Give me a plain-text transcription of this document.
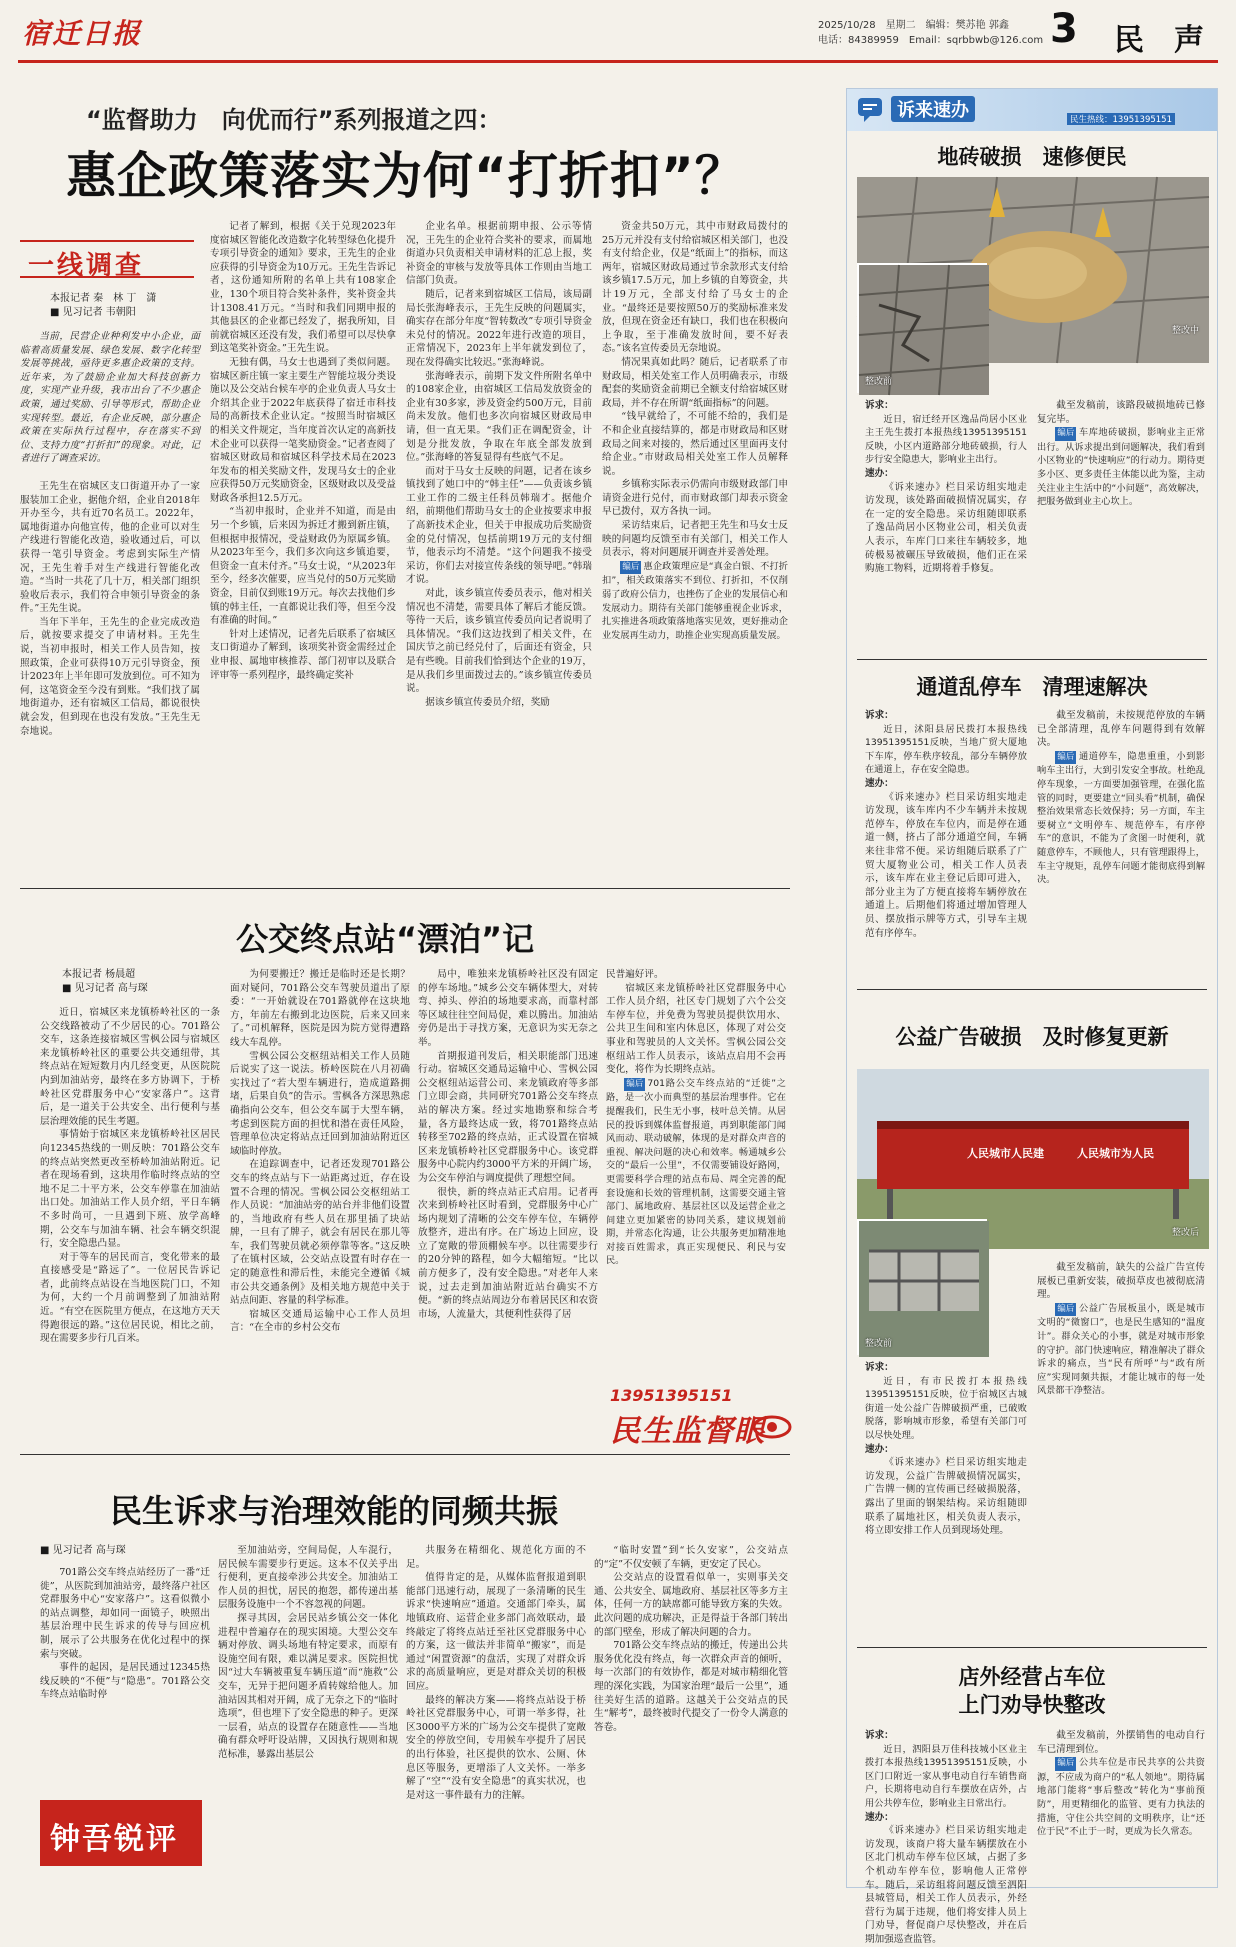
宿迁日报	2025/10/28　星期二　编辑：樊苏艳 郭鑫
电话：84389959　Email：sqrbbwb@126.com 3 民　声
“监督助力　向优而行”系列报道之四：
惠企政策落实为何“打折扣”？
一线调查
本报记者 秦　林 丁　潇
■ 见习记者 韦朝阳

当前，民营企业种利发中小企业，面临着高质量发展、绿色发展、数字化转型发展等挑战，亟待更多惠企政策的支持。近年来，为了鼓励企业加大科技创新力度，实现产业升级，我市出台了不少惠企政策，通过奖励、引导等形式，帮助企业实现转型。最近，有企业反映，部分惠企政策在实际执行过程中，存在落实不到位、支持力度“打折扣”的现象。对此，记者进行了调查采访。

王先生在宿城区支口街道开办了一家服装加工企业，据他介绍，企业自2018年开办至今，共有近70名员工。2022年，属地街道办向他宣传，他的企业可以对生产线进行智能化改造，验收通过后，可以获得一笔引导资金。考虑到实际生产情况，王先生着手对生产线进行智能化改造。“当时一共花了几十万，相关部门组织验收后表示，我们符合申领引导资金的条件。”王先生说。

当年下半年，王先生的企业完成改造后，就按要求提交了申请材料。王先生说，当初申报时，相关工作人员告知，按照政策，企业可获得10万元引导资金，预计2023年上半年即可发放到位。可不知为何，这笔资金至今没有到账。“我们找了属地街道办，还有宿城区工信局，都说很快就会发，但到现在也没有发放。”王先生无奈地说。

记者了解到，根据《关于兑现2023年度宿城区智能化改造数字化转型绿色化提升专项引导资金的通知》要求，王先生的企业应获得的引导资金为10万元。王先生告诉记者，这份通知所附的名单上共有108家企业，130个项目符合奖补条件，奖补资金共计1308.41万元。“当时和我们同期申报的其他县区的企业都已经发了，据我所知，目前就宿城区还没有发，我们希望可以尽快拿到这笔奖补资金。”王先生说。

无独有偶，马女士也遇到了类似问题。宿城区新庄镇一家主要生产智能垃圾分类设施以及公交站台候车亭的企业负责人马女士介绍其企业于2022年底获得了宿迁市科技局的高新技术企业认定。“按照当时宿城区的相关文件规定，当年度首次认定的高新技术企业可以获得一笔奖励资金。”记者查阅了宿城区财政局和宿城区科学技术局在2023年发布的相关奖励文件，发现马女士的企业应获得50万元奖励资金，区级财政以及受益财政各承担12.5万元。

“当初申报时，企业并不知道，而是由另一个乡镇，后来因为拆迁才搬到新庄镇，但根据申报情况，受益财政仍为原属乡镇。从2023年至今，我们多次向这乡镇追要，但资金一直未付齐。”马女士说，“从2023年至今，经多次催要，应当兑付的50万元奖励资金，目前仅到账19万元。每次去找他们乡镇的韩主任，一直都说让我们等，但至今没有准确的时间。”

针对上述情况，记者先后联系了宿城区支口街道办了解到，该项奖补资金需经过企业申报、属地审核推荐、部门初审以及联合评审等一系列程序，最终确定奖补

企业名单。根据前期申报、公示等情况，王先生的企业符合奖补的要求，而属地街道办只负责相关申请材料的汇总上报，奖补资金的审核与发放等具体工作则由当地工信部门负责。

随后，记者来到宿城区工信局，该局副局长张海峰表示，王先生反映的问题属实，确实存在部分年度“智转数改”专项引导资金未兑付的情况。2022年进行改造的项目，正常情况下，2023年上半年就发到位了，现在发得确实比较迟。”张海峰说。

张海峰表示，前期下发文件所附名单中的108家企业，由宿城区工信局发放资金的企业有30多家，涉及资金约500万元，目前尚未发放。他们也多次向宿城区财政局申请，但一直无果。“我们正在调配资金，计划是分批发放，争取在年底全部发放到位。”张海峰的答复显得有些底气不足。

而对于马女士反映的问题，记者在该乡镇找到了她口中的“韩主任”——负责该乡镇工业工作的二级主任科员韩瑞才。据他介绍，前期他们帮助马女士的企业按要求申报了高新技术企业，但关于申报成功后奖励资金的兑付情况，包括前期19万元的支付细节，他表示均不清楚。“这个问题我不接受采访，你们去对接宣传条线的领导吧。”韩瑞才说。

对此，该乡镇宣传委员表示，他对相关情况也不清楚，需要具体了解后才能反馈。等待一天后，该乡镇宣传委员向记者说明了具体情况。“我们这边找到了相关文件，在国庆节之前已经兑付了，后面还有资金，只是有些晚。目前我们恰到达个企业的19万，是从我们乡里面拨过去的。”该乡镇宣传委员说。

据该乡镇宣传委员介绍，奖励

资金共50万元，其中市财政局拨付的25万元并没有支付给宿城区相关部门，也没有支付给企业，仅是“纸面上”的指标，而这两年，宿城区财政局通过节余款形式支付给该乡镇17.5万元，加上乡镇的自筹资金，共计19万元，全部支付给了马女士的企业。“最终还是要按照50万的奖励标准来发放，但现在资金还有缺口，我们也在积极向上争取，至于准确发放时间，要不好表态。”该名宣传委员无奈地说。

情况果真如此吗？随后，记者联系了市财政局，相关处室工作人员明确表示，市级配套的奖励资金前期已全额支付给宿城区财政局，并不存在所谓“纸面指标”的问题。

“钱早就给了，不可能不给的，我们是不和企业直接结算的，都是市财政局和区财政局之间来对接的，然后通过区里面再支付给企业。”市财政局相关处室工作人员解释说。

乡镇称实际表示仍需向市级财政部门申请资金进行兑付，而市财政部门却表示资金早已拨付，双方各执一词。

采访结束后，记者把王先生和马女士反映的问题均反馈至市有关部门，相关工作人员表示，将对问题展开调查并妥善处理。

编后 惠企政策理应是“真金白银、不打折扣”，相关政策落实不到位、打折扣，不仅削弱了政府公信力，也挫伤了企业的发展信心和发展动力。期待有关部门能够重视企业诉求，扎实推进各项政策落地落实见效，更好推动企业发展再生动力，助推企业实现高质量发展。

公交终点站“漂泊”记
本报记者 杨晨超
■ 见习记者 高与琛

近日，宿城区来龙镇桥岭社区的一条公交线路被动了不少居民的心。701路公交车，这条连接宿城区雪枫公园与宿城区来龙镇桥岭社区的重要公共交通纽带，其终点站在短短数月内几经变更，从医院院内到加油站旁，最终在多方协调下，于桥岭社区党群服务中心“安家落户”。这背后，是一道关于公共安全、出行便利与基层治理效能的民生考题。

事情始于宿城区来龙镇桥岭社区居民向12345热线的一则反映：701路公交车的终点站突然更改至桥岭加油站附近。记者在现场看到，这块用作临时终点站的空地不足二十平方米，公交车停靠在加油站出口处。加油站工作人员介绍，平日车辆不多时尚可，一旦遇到下班、放学高峰期，公交车与加油车辆、社会车辆交织混行，安全隐患凸显。

对于等车的居民而言，变化带来的最直接感受是“路远了”。一位居民告诉记者，此前终点站设在当地医院门口，不知为何，大约一个月前调整到了加油站附近。“有空在医院里方便点，在这地方天天得跑很远的路。”这位居民说，相比之前，现在需要多步行几百米。

为何要搬迁？搬迁是临时还是长期？面对疑问，701路公交车驾驶员道出了原委：“一开始就设在701路就停在这块地方，年前左右搬到北边医院，后来又回来了。”司机解释，医院是因为院方觉得遭路线大车乱停。

雪枫公园公交枢纽站相关工作人员随后说实了这一说法。桥岭医院在八月初确实找过了“若大型车辆进行，造成道路拥堵，后果自负”的告示。雪枫各方深思熟虑确指向公交车，但公交车属于大型车辆，考虑到医院方面的担忧和潜在责任风险，管理单位决定将站点迁回到加油站附近区域临时停放。

在追踪调查中，记者还发现701路公交车的终点站与下一站距离过近，存在设置不合理的情况。雪枫公园公交枢纽站工作人员说：“加油站旁的站台并非他们设置的，当地政府有些人员在那里插了块站牌，一旦有了牌子，就会有居民在那儿等车，我们驾驶员就必须停靠等客。”这反映了在镇村区域，公交站点设置有时存在一定的随意性和滞后性，未能完全遵循《城市公共交通条例》及相关地方规范中关于站点间距、容量的科学标准。

宿城区交通局运输中心工作人员坦言：“在全市的乡村公交布

局中，唯独来龙镇桥岭社区没有固定的停车场地。”城乡公交车辆体型大，对转弯、掉头、停泊的场地要求高，而靠村部等区域往往空间局促，难以腾出。加油站旁仍是出于寻找方案，无意识为实无奈之举。

首期报道刊发后，相关职能部门迅速行动。宿城区交通局运输中心、雪枫公园公交枢纽站运营公司、来龙镇政府等多部门立即会商，共同研究701路公交车终点站的解决方案。经过实地勘察和综合考量，各方最终达成一致，将701路终点站转移至702路的终点站，正式设置在宿城区来龙镇桥岭社区党群服务中心。该党群服务中心院内约3000平方米的开阔广场，为公交车停泊与调度提供了理想空间。

很快，新的终点站正式启用。记者再次来到桥岭社区时看到，党群服务中心广场内规划了清晰的公交车停车位，车辆停放整齐，进出有序。在广场边上回应，设立了宽敞的带顶棚候车亭。以往需要步行的20分钟的路程，如今大幅缩短。“比以前方便多了，没有安全隐患。”对老年人来说，过去走到加油站附近站台确实不方便。“新的终点站周边分布着居民区和农资市场，人流量大，其便利性获得了居

民普遍好评。

宿城区来龙镇桥岭社区党群服务中心工作人员介绍，社区专门规划了六个公交车停车位，并免费为驾驶员提供饮用水、公共卫生间和室内休息区，体现了对公交事业和驾驶员的人文关怀。雪枫公园公交枢纽站工作人员表示，该站点启用不会再变化，将作为长期终点站。

编后 701路公交车终点站的“迁徙”之路，是一次小而典型的基层治理事件。它在提醒我们，民生无小事，枝叶总关情。从居民的投诉到媒体监督报道，再到职能部门闻风而动、联动破解，体现的是对群众声音的重视、解决问题的决心和效率。畅通城乡公交的“最后一公里”，不仅需要铺设好路网，更需要科学合理的站点布局、周全完善的配套设施和长效的管理机制，这需要交通主管部门、属地政府、基层社区以及运营企业之间建立更加紧密的协同关系，建议规划前期，并常态化沟通，让公共服务更加精准地对接百姓需求，真正实现便民、利民与安民。

13951395151
民生监督眼
民生诉求与治理效能的同频共振
■ 见习记者 高与琛

701路公交车终点站经历了一番“迁徙”，从医院到加油站旁，最终落户社区党群服务中心“安家落户”。这看似微小的站点调整，却如同一面镜子，映照出基层治理中民生诉求的传导与回应机制，展示了公共服务在优化过程中的探索与突破。

事件的起因，是居民通过12345热线反映的“不便”与“隐患”。701路公交车终点站临时停

钟吾锐评

至加油站旁，空间局促，人车混行，居民候车需要步行更远。这本不仅关乎出行便利，更直接牵涉公共安全。加油站工作人员的担忧，居民的抱怨，都传递出基层服务设施中一个不容忽视的问题。

探寻其因，会居民站乡镇公交一体化进程中普遍存在的现实困境。大型公交车辆对停放、调头场地有特定要求，而原有设施空间有限，难以满足要求。医院担忧因“过大车辆被重复车辆压道”而“施救”公交车，无异于把问题矛盾转嫁给他人。加油站因其相对开阔，成了无奈之下的“临时选项”，但也埋下了安全隐患的种子。更深一层看，站点的设置存在随意性——当地确有群众呼吁设站牌，又因执行规则和规范标准，暴露出基层公

共服务在精细化、规范化方面的不足。

值得肯定的是，从媒体监督报道到职能部门迅速行动，展现了一条清晰的民生诉求“快速响应”通道。交通部门牵头，属地镇政府、运营企业多部门高效联动，最终敲定了将终点站迁至社区党群服务中心的方案，这一做法并非简单“搬家”，而是通过“闲置资源”的盘活，实现了对群众诉求的高质量响应，更是对群众关切的积极回应。

最终的解决方案——将终点站设于桥岭社区党群服务中心，可谓一举多得，社区3000平方米的广场为公交车提供了宽敞安全的停放空间，专用候车亭提升了居民的出行体验，社区提供的饮水、公厕、休息区等服务，更增添了人文关怀。一举多解了“空”“没有安全隐患”的真实状况，也是对这一事件最有力的注解。

“临时安置”到“长久安家”，公交站点的“定”不仅安顿了车辆，更安定了民心。

公交站点的设置看似单一，实则事关交通、公共安全、属地政府、基层社区等多方主体，任何一方的缺席都可能导致方案的失效。此次问题的成功解决，正是得益于各部门转出的部门壁垒，形成了解决问题的合力。

701路公交车终点站的搬迁，传递出公共服务优化没有终点，每一次群众声音的倾听，每一次部门的有效协作，都是对城市精细化管理的深化实践，为国家治理“最后一公里”，通往美好生活的道路。这越关于公交站点的民生“解考”，最终被时代提交了一份令人满意的答卷。

诉来速办	民生热线：13951395151
地砖破损　速修便民
整改中
整改前

诉求：

近日，宿迁经开区逸品尚居小区业主王先生拨打本报热线13951395151反映，小区内道路部分地砖破损，行人步行安全隐患大，影响业主出行。

速办：

《诉来速办》栏目采访组实地走访发现，该处路面破损情况属实，存在一定的安全隐患。采访组随即联系了逸品尚居小区物业公司，相关负责人表示，车库门口来往车辆较多，地砖极易被碾压导致破损，他们正在采购施工物料，近期将着手修复。

截至发稿前，该路段破损地砖已修复完毕。

编后 车库地砖破损，影响业主正常出行。从诉求提出到问题解决，我们看到小区物业的“快速响应”的行动力。期待更多小区、更多责任主体能以此为鉴，主动关注业主生活中的“小问题”，高效解决，把服务做到业主心坎上。

通道乱停车　清理速解决

诉求：

近日，沭阳县居民拨打本报热线13951395151反映，当地广贸大厦地下车库，停车秩序较乱，部分车辆停放在通道上，存在安全隐患。

速办：

《诉来速办》栏目采访组实地走访发现，该车库内不少车辆并未按规范停车，停放在车位内，而是停在通道一侧，挤占了部分通道空间，车辆来往非常不便。采访组随后联系了广贸大厦物业公司，相关工作人员表示，该车库在业主登记后即可进入，部分业主为了方便直接将车辆停放在通道上。后期他们将通过增加管理人员、摆放指示牌等方式，引导车主规范有序停车。

截至发稿前，未按规范停放的车辆已全部清理，乱停车问题得到有效解决。

编后 通道停车，隐患重重，小到影响车主出行，大到引发安全事故。杜绝乱停车现象，一方面要加强管理，在强化监管的同时，更要建立“回头看”机制，确保整治效果常态长效保持；另一方面，车主要树立“文明停车、规范停车，有序停车”的意识，不能为了贪图一时便利，就随意停车，不顾他人，只有管理跟得上，车主守规矩，乱停车问题才能彻底得到解决。

公益广告破损　及时修复更新
人民城市人民建	人民城市为人民
整改后
整改前

诉求：

近日，有市民拨打本报热线13951395151反映，位于宿城区古城街道一处公益广告牌破损严重，已破败脱落，影响城市形象，希望有关部门可以尽快处理。

速办：

《诉来速办》栏目采访组实地走访发现，公益广告牌破损情况属实，广告牌一侧的宣传画已经破损脱落，露出了里面的钢架结构。采访组随即联系了属地社区，相关负责人表示，将立即安排工作人员到现场处理。

截至发稿前，缺失的公益广告宣传展板已重新安装，破损草皮也被彻底清理。

编后 公益广告展板虽小，既是城市文明的“微窗口”，也是民生感知的“温度计”。群众关心的小事，就是对城市形象的守护。部门快速响应，精准解决了群众诉求的痛点，当“民有所呼”与“政有所应”实现同频共振，才能让城市的每一处风景都干净整洁。

店外经营占车位
上门劝导快整改

诉求：

近日，泗阳县万佳科技城小区业主拨打本报热线13951395151反映，小区门口附近一家从事电动自行车销售商户，长期将电动自行车摆放在店外，占用公共停车位，影响业主日常出行。

速办：

《诉来速办》栏目采访组实地走访发现，该商户将大量车辆摆放在小区北门机动车停车位区域，占据了多个机动车停车位，影响他人正常停车。随后，采访组将问题反馈至泗阳县城管局，相关工作人员表示，外经营行为属于违规，他们将安排人员上门劝导，督促商户尽快整改，并在后期加强巡查监管。

截至发稿前，外摆销售的电动自行车已清理到位。

编后 公共车位是市民共享的公共资源，不应成为商户的“私人领地”。期待属地部门能将“事后整改”转化为“事前预防”，用更精细化的监管、更有力执法的措施，守住公共空间的文明秩序，让“还位于民”不止于一时，更成为长久常态。
